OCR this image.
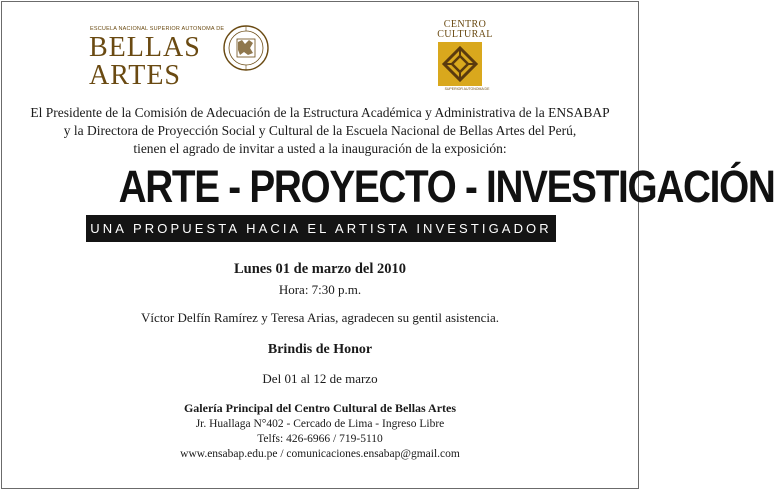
ESCUELA NACIONAL SUPERIOR AUTONOMA DE
BELLAS
ARTES
CENTRO
CULTURAL
SUPERIOR AUTONOMA DE
El Presidente de la Comisión de Adecuación de la Estructura Académica y Administrativa de la ENSABAP
y la Directora de Proyección Social y Cultural de la Escuela Nacional de Bellas Artes del Perú,
tienen el agrado de invitar a usted a la inauguración de la exposición:
ARTE - PROYECTO - INVESTIGACIÓN
UNA PROPUESTA HACIA EL ARTISTA INVESTIGADOR
Lunes 01 de marzo del 2010
Hora: 7:30 p.m.
Víctor Delfín Ramírez y Teresa Arias, agradecen su gentil asistencia.
Brindis de Honor
Del 01 al 12 de marzo
Galería Principal del Centro Cultural de Bellas Artes
Jr. Huallaga N°402 - Cercado de Lima - Ingreso Libre
Telfs: 426-6966 / 719-5110
www.ensabap.edu.pe / comunicaciones.ensabap@gmail.com
